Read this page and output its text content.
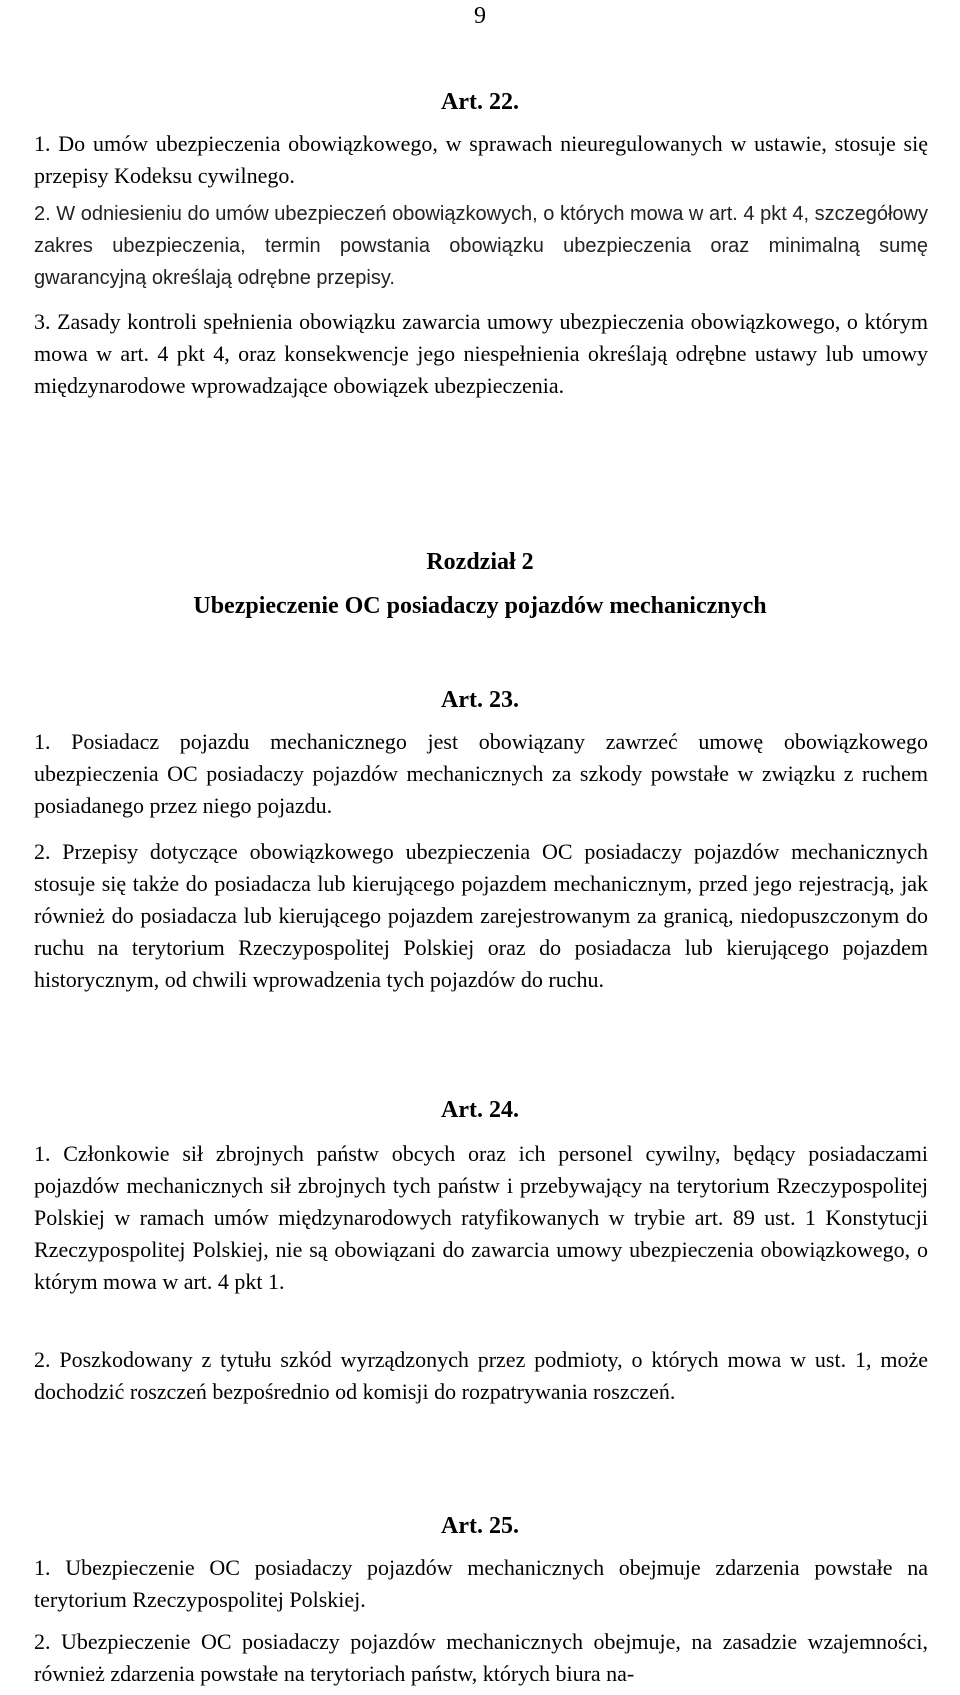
9
Art. 22.
1. Do umów ubezpieczenia obowiązkowego, w sprawach nieuregulowanych w ustawie, stosuje się przepisy Kodeksu cywilnego.
2. W odniesieniu do umów ubezpieczeń obowiązkowych, o których mowa w art. 4 pkt 4, szczegółowy zakres ubezpieczenia, termin powstania obowiązku ubezpieczenia oraz minimalną sumę gwarancyjną określają odrębne przepisy.
3. Zasady kontroli spełnienia obowiązku zawarcia umowy ubezpieczenia obowiązkowego, o którym mowa w art. 4 pkt 4, oraz konsekwencje jego niespełnienia określają odrębne ustawy lub umowy międzynarodowe wprowadzające obowiązek ubezpieczenia.
Rozdział 2
Ubezpieczenie OC posiadaczy pojazdów mechanicznych
Art. 23.
1. Posiadacz pojazdu mechanicznego jest obowiązany zawrzeć umowę obowiązkowego ubezpieczenia OC posiadaczy pojazdów mechanicznych za szkody powstałe w związku z ruchem posiadanego przez niego pojazdu.
2. Przepisy dotyczące obowiązkowego ubezpieczenia OC posiadaczy pojazdów mechanicznych stosuje się także do posiadacza lub kierującego pojazdem mechanicznym, przed jego rejestracją, jak również do posiadacza lub kierującego pojazdem zarejestrowanym za granicą, niedopuszczonym do ruchu na terytorium Rzeczypospolitej Polskiej oraz do posiadacza lub kierującego pojazdem historycznym, od chwili wprowadzenia tych pojazdów do ruchu.
Art. 24.
1. Członkowie sił zbrojnych państw obcych oraz ich personel cywilny, będący posiadaczami pojazdów mechanicznych sił zbrojnych tych państw i przebywający na terytorium Rzeczypospolitej Polskiej w ramach umów międzynarodowych ratyfikowanych w trybie art. 89 ust. 1 Konstytucji Rzeczypospolitej Polskiej, nie są obowiązani do zawarcia umowy ubezpieczenia obowiązkowego, o którym mowa w art. 4 pkt 1.
2. Poszkodowany z tytułu szkód wyrządzonych przez podmioty, o których mowa w ust. 1, może dochodzić roszczeń bezpośrednio od komisji do rozpatrywania roszczeń.
Art. 25.
1. Ubezpieczenie OC posiadaczy pojazdów mechanicznych obejmuje zdarzenia powstałe na terytorium Rzeczypospolitej Polskiej.
2. Ubezpieczenie OC posiadaczy pojazdów mechanicznych obejmuje, na zasadzie wzajemności, również zdarzenia powstałe na terytoriach państw, których biura na-
